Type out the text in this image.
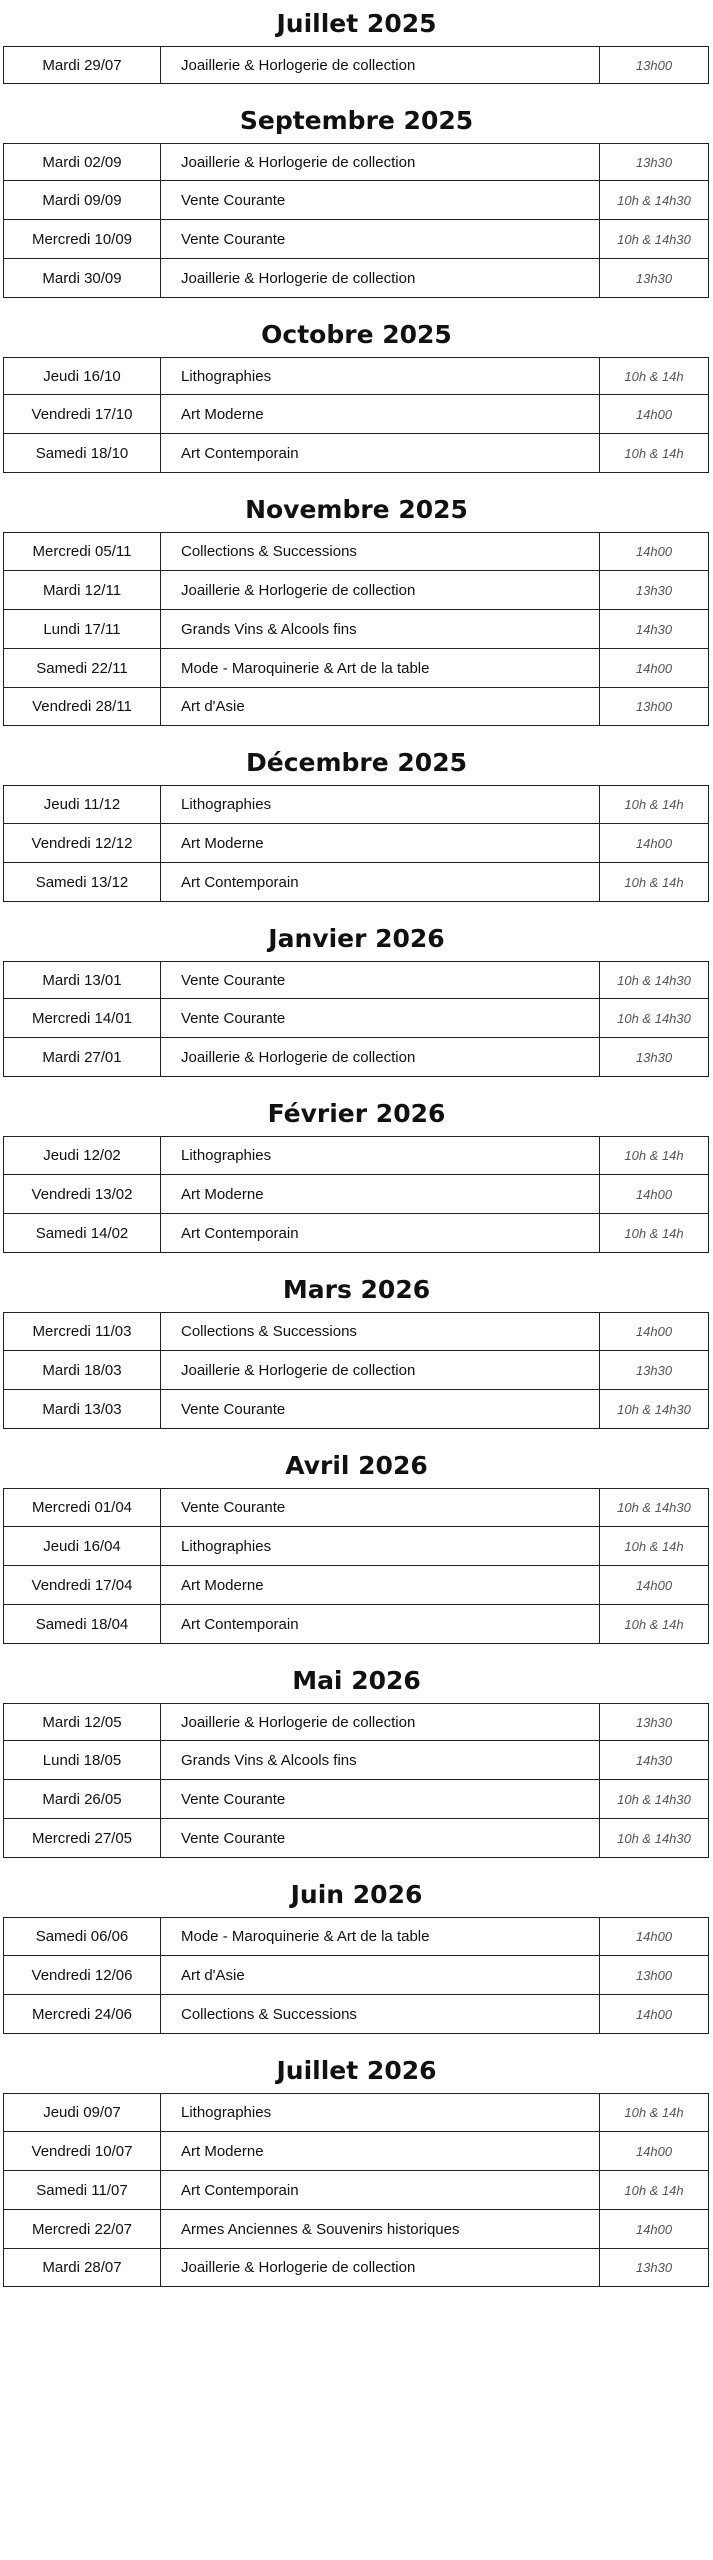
Juillet 2025
Mardi 29/07	Joaillerie & Horlogerie de collection	13h00
Septembre 2025
Mardi 02/09	Joaillerie & Horlogerie de collection	13h30
Mardi 09/09	Vente Courante	10h & 14h30
Mercredi 10/09	Vente Courante	10h & 14h30
Mardi 30/09	Joaillerie & Horlogerie de collection	13h30
Octobre 2025
Jeudi 16/10	Lithographies	10h & 14h
Vendredi 17/10	Art Moderne	14h00
Samedi 18/10	Art Contemporain	10h & 14h
Novembre 2025
Mercredi 05/11	Collections & Successions	14h00
Mardi 12/11	Joaillerie & Horlogerie de collection	13h30
Lundi 17/11	Grands Vins & Alcools fins	14h30
Samedi 22/11	Mode - Maroquinerie & Art de la table	14h00
Vendredi 28/11	Art d'Asie	13h00
Décembre 2025
Jeudi 11/12	Lithographies	10h & 14h
Vendredi 12/12	Art Moderne	14h00
Samedi 13/12	Art Contemporain	10h & 14h
Janvier 2026
Mardi 13/01	Vente Courante	10h & 14h30
Mercredi 14/01	Vente Courante	10h & 14h30
Mardi 27/01	Joaillerie & Horlogerie de collection	13h30
Février 2026
Jeudi 12/02	Lithographies	10h & 14h
Vendredi 13/02	Art Moderne	14h00
Samedi 14/02	Art Contemporain	10h & 14h
Mars 2026
Mercredi 11/03	Collections & Successions	14h00
Mardi 18/03	Joaillerie & Horlogerie de collection	13h30
Mardi 13/03	Vente Courante	10h & 14h30
Avril 2026
Mercredi 01/04	Vente Courante	10h & 14h30
Jeudi 16/04	Lithographies	10h & 14h
Vendredi 17/04	Art Moderne	14h00
Samedi 18/04	Art Contemporain	10h & 14h
Mai 2026
Mardi 12/05	Joaillerie & Horlogerie de collection	13h30
Lundi 18/05	Grands Vins & Alcools fins	14h30
Mardi 26/05	Vente Courante	10h & 14h30
Mercredi 27/05	Vente Courante	10h & 14h30
Juin 2026
Samedi 06/06	Mode - Maroquinerie & Art de la table	14h00
Vendredi 12/06	Art d'Asie	13h00
Mercredi 24/06	Collections & Successions	14h00
Juillet 2026
Jeudi 09/07	Lithographies	10h & 14h
Vendredi 10/07	Art Moderne	14h00
Samedi 11/07	Art Contemporain	10h & 14h
Mercredi 22/07	Armes Anciennes & Souvenirs historiques	14h00
Mardi 28/07	Joaillerie & Horlogerie de collection	13h30
